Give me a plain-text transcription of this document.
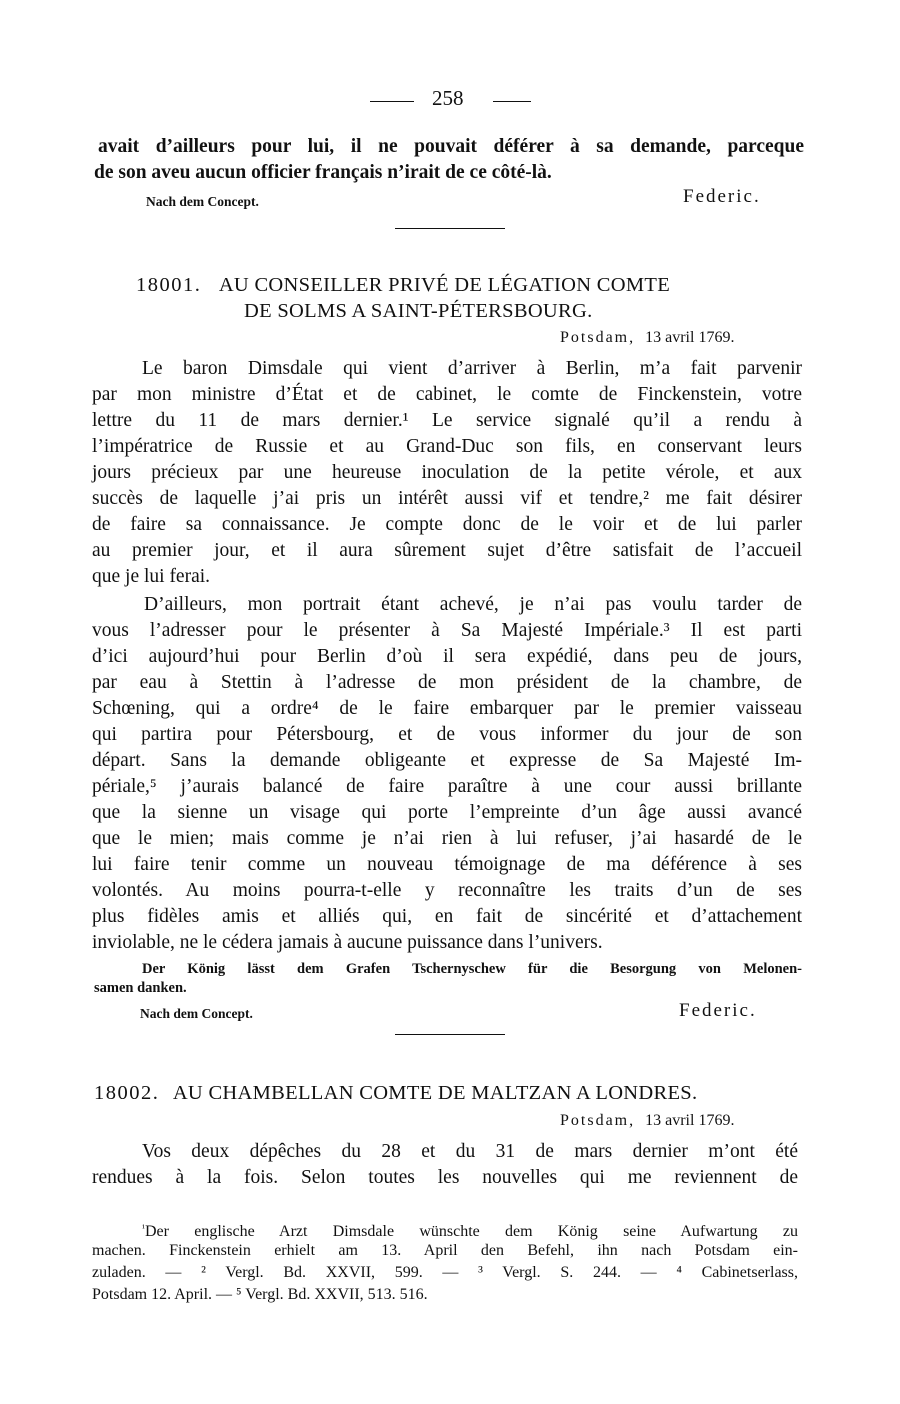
258
avait d’ailleurs pour lui, il ne pouvait déférer à sa demande, parceque
de son aveu aucun officier français n’irait de ce côté-là.
Nach dem Concept.	Federic.
18001. AU CONSEILLER PRIVÉ DE LÉGATION COMTE
DE SOLMS A SAINT-PÉTERSBOURG.
Potsdam, 13 avril 1769.
Le baron Dimsdale qui vient d’arriver à Berlin, m’a fait parvenir
par mon ministre d’État et de cabinet, le comte de Finckenstein, votre
lettre du 11 de mars dernier.¹ Le service signalé qu’il a rendu à
l’impératrice de Russie et au Grand-Duc son fils, en conservant leurs
jours précieux par une heureuse inoculation de la petite vérole, et aux
succès de laquelle j’ai pris un intérêt aussi vif et tendre,² me fait désirer
de faire sa connaissance. Je compte donc de le voir et de lui parler
au premier jour, et il aura sûrement sujet d’être satisfait de l’accueil
que je lui ferai.
D’ailleurs, mon portrait étant achevé, je n’ai pas voulu tarder de
vous l’adresser pour le présenter à Sa Majesté Impériale.³ Il est parti
d’ici aujourd’hui pour Berlin d’où il sera expédié, dans peu de jours,
par eau à Stettin à l’adresse de mon président de la chambre, de
Schœning, qui a ordre⁴ de le faire embarquer par le premier vaisseau
qui partira pour Pétersbourg, et de vous informer du jour de son
départ. Sans la demande obligeante et expresse de Sa Majesté Im-
périale,⁵ j’aurais balancé de faire paraître à une cour aussi brillante
que la sienne un visage qui porte l’empreinte d’un âge aussi avancé
que le mien; mais comme je n’ai rien à lui refuser, j’ai hasardé de le
lui faire tenir comme un nouveau témoignage de ma déférence à ses
volontés. Au moins pourra-t-elle y reconnaître les traits d’un de ses
plus fidèles amis et alliés qui, en fait de sincérité et d’attachement
inviolable, ne le cédera jamais à aucune puissance dans l’univers.
Der König lässt dem Grafen Tschernyschew für die Besorgung von Melonen-
samen danken.
Nach dem Concept.	Federic.
18002. AU CHAMBELLAN COMTE DE MALTZAN A LONDRES.
Potsdam, 13 avril 1769.
Vos deux dépêches du 28 et du 31 de mars dernier m’ont été
rendues à la fois. Selon toutes les nouvelles qui me reviennent de
$^{^1}$Der englische Arzt Dimsdale wünschte dem König seine Aufwartung zu
machen. Finckenstein erhielt am 13. April den Befehl, ihn nach Potsdam ein-
zuladen. — ² Vergl. Bd. XXVII, 599. — ³ Vergl. S. 244. — ⁴ Cabinetserlass,
Potsdam 12. April. — ⁵ Vergl. Bd. XXVII, 513. 516.
